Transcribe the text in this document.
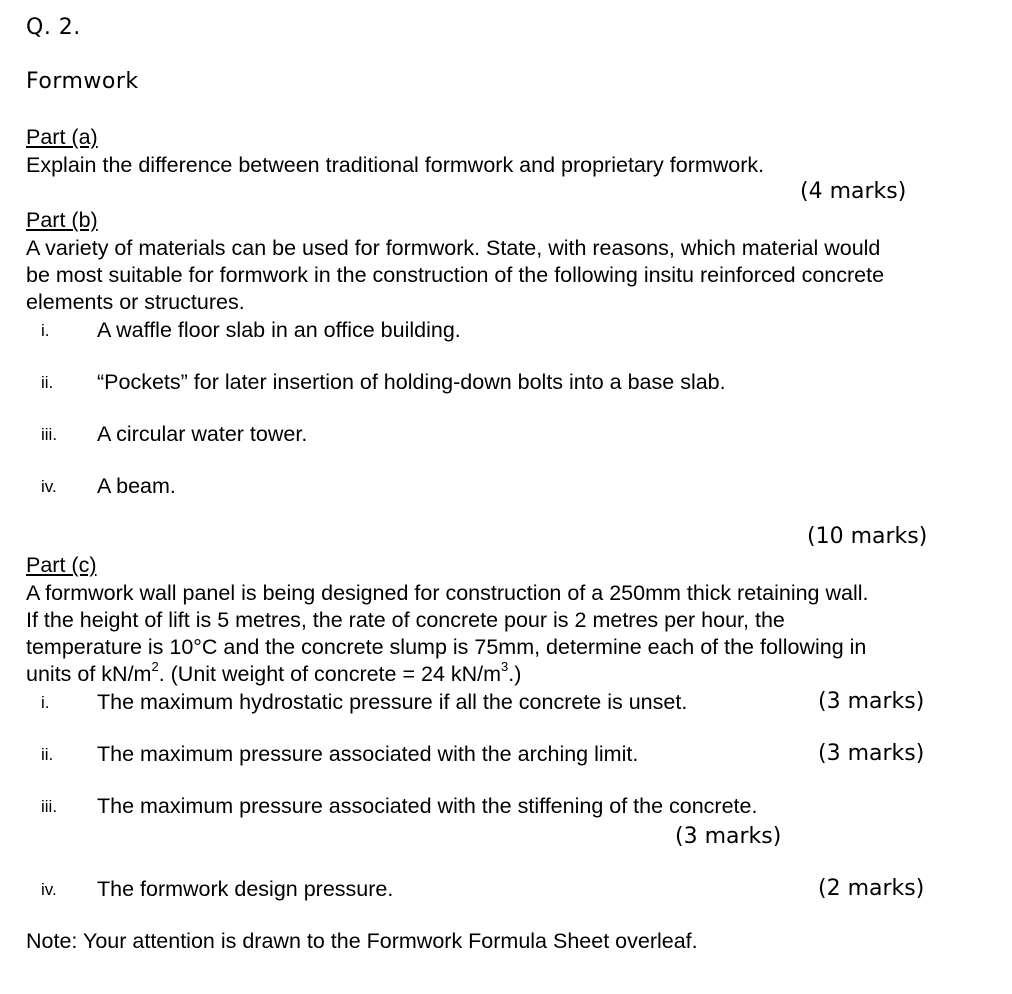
Q. 2.
Formwork
Part (a)
Explain the difference between traditional formwork and proprietary formwork.
(4 marks)
Part (b)
A variety of materials can be used for formwork. State, with reasons, which material would
be most suitable for formwork in the construction of the following insitu reinforced concrete
elements or structures.
i. A waffle floor slab in an office building.
ii. “Pockets” for later insertion of holding-down bolts into a base slab.
iii. A circular water tower.
iv. A beam.
(10 marks)
Part (c)
A formwork wall panel is being designed for construction of a 250mm thick retaining wall.
If the height of lift is 5 metres, the rate of concrete pour is 2 metres per hour, the
temperature is 10°C and the concrete slump is 75mm, determine each of the following in
units of $kN/m^2$. (Unit weight of concrete = 24 $kN/m^3$.)
i. The maximum hydrostatic pressure if all the concrete is unset.	(3 marks)
ii. The maximum pressure associated with the arching limit.	(3 marks)
iii. The maximum pressure associated with the stiffening of the concrete.
(3 marks)
iv. The formwork design pressure.	(2 marks)
Note: Your attention is drawn to the Formwork Formula Sheet overleaf.
